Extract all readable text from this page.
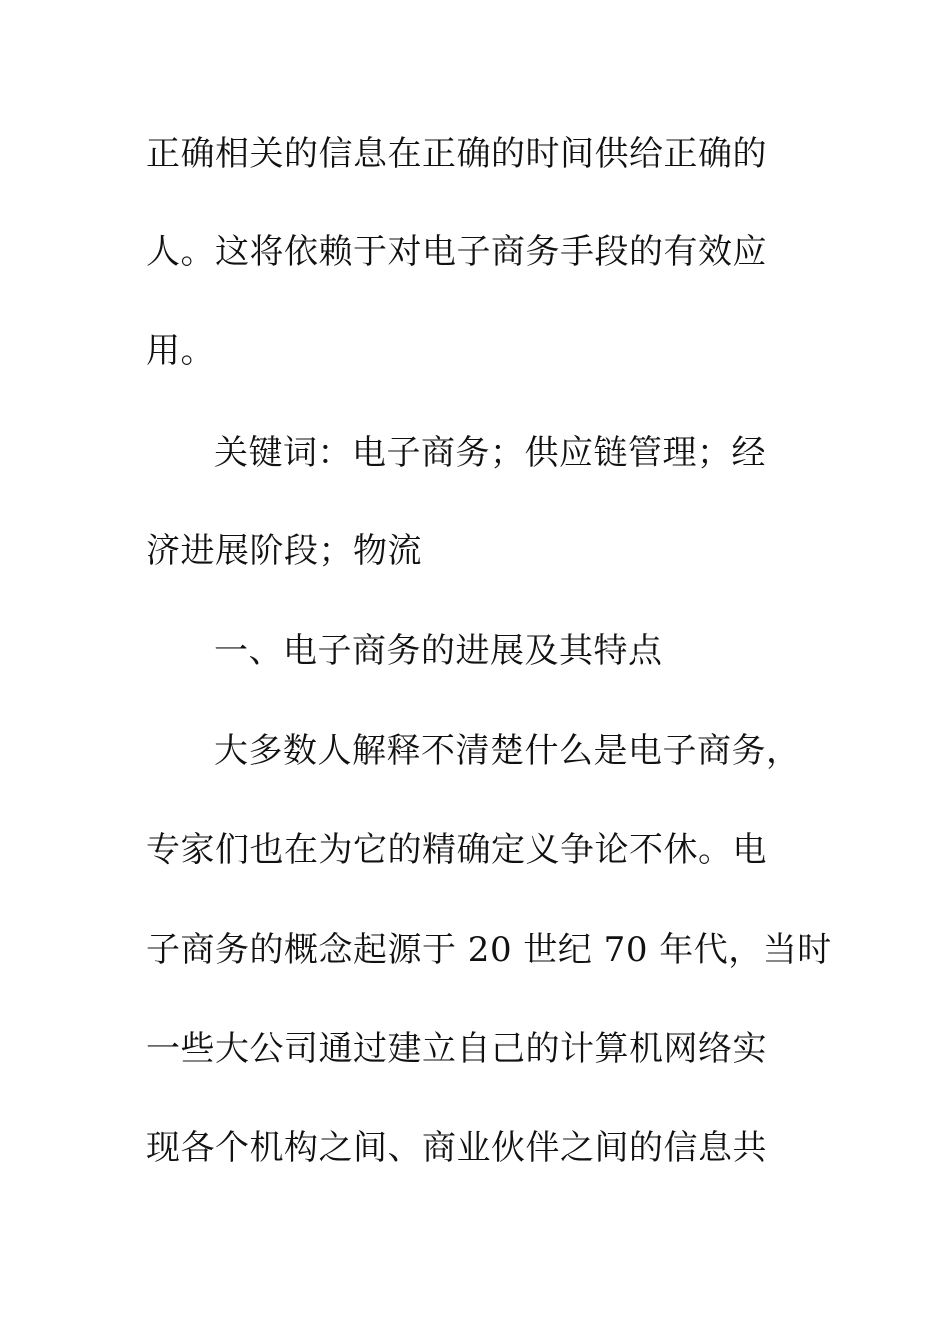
正确相关的信息在正确的时间供给正确的
人。这将依赖于对电子商务手段的有效应
用。
关键词：电子商务；供应链管理；经
济进展阶段；物流
一、电子商务的进展及其特点
大多数人解释不清楚什么是电子商务，
专家们也在为它的精确定义争论不休。电
子商务的概念起源于 20 世纪 70 年代，当时
一些大公司通过建立自己的计算机网络实
现各个机构之间、商业伙伴之间的信息共
